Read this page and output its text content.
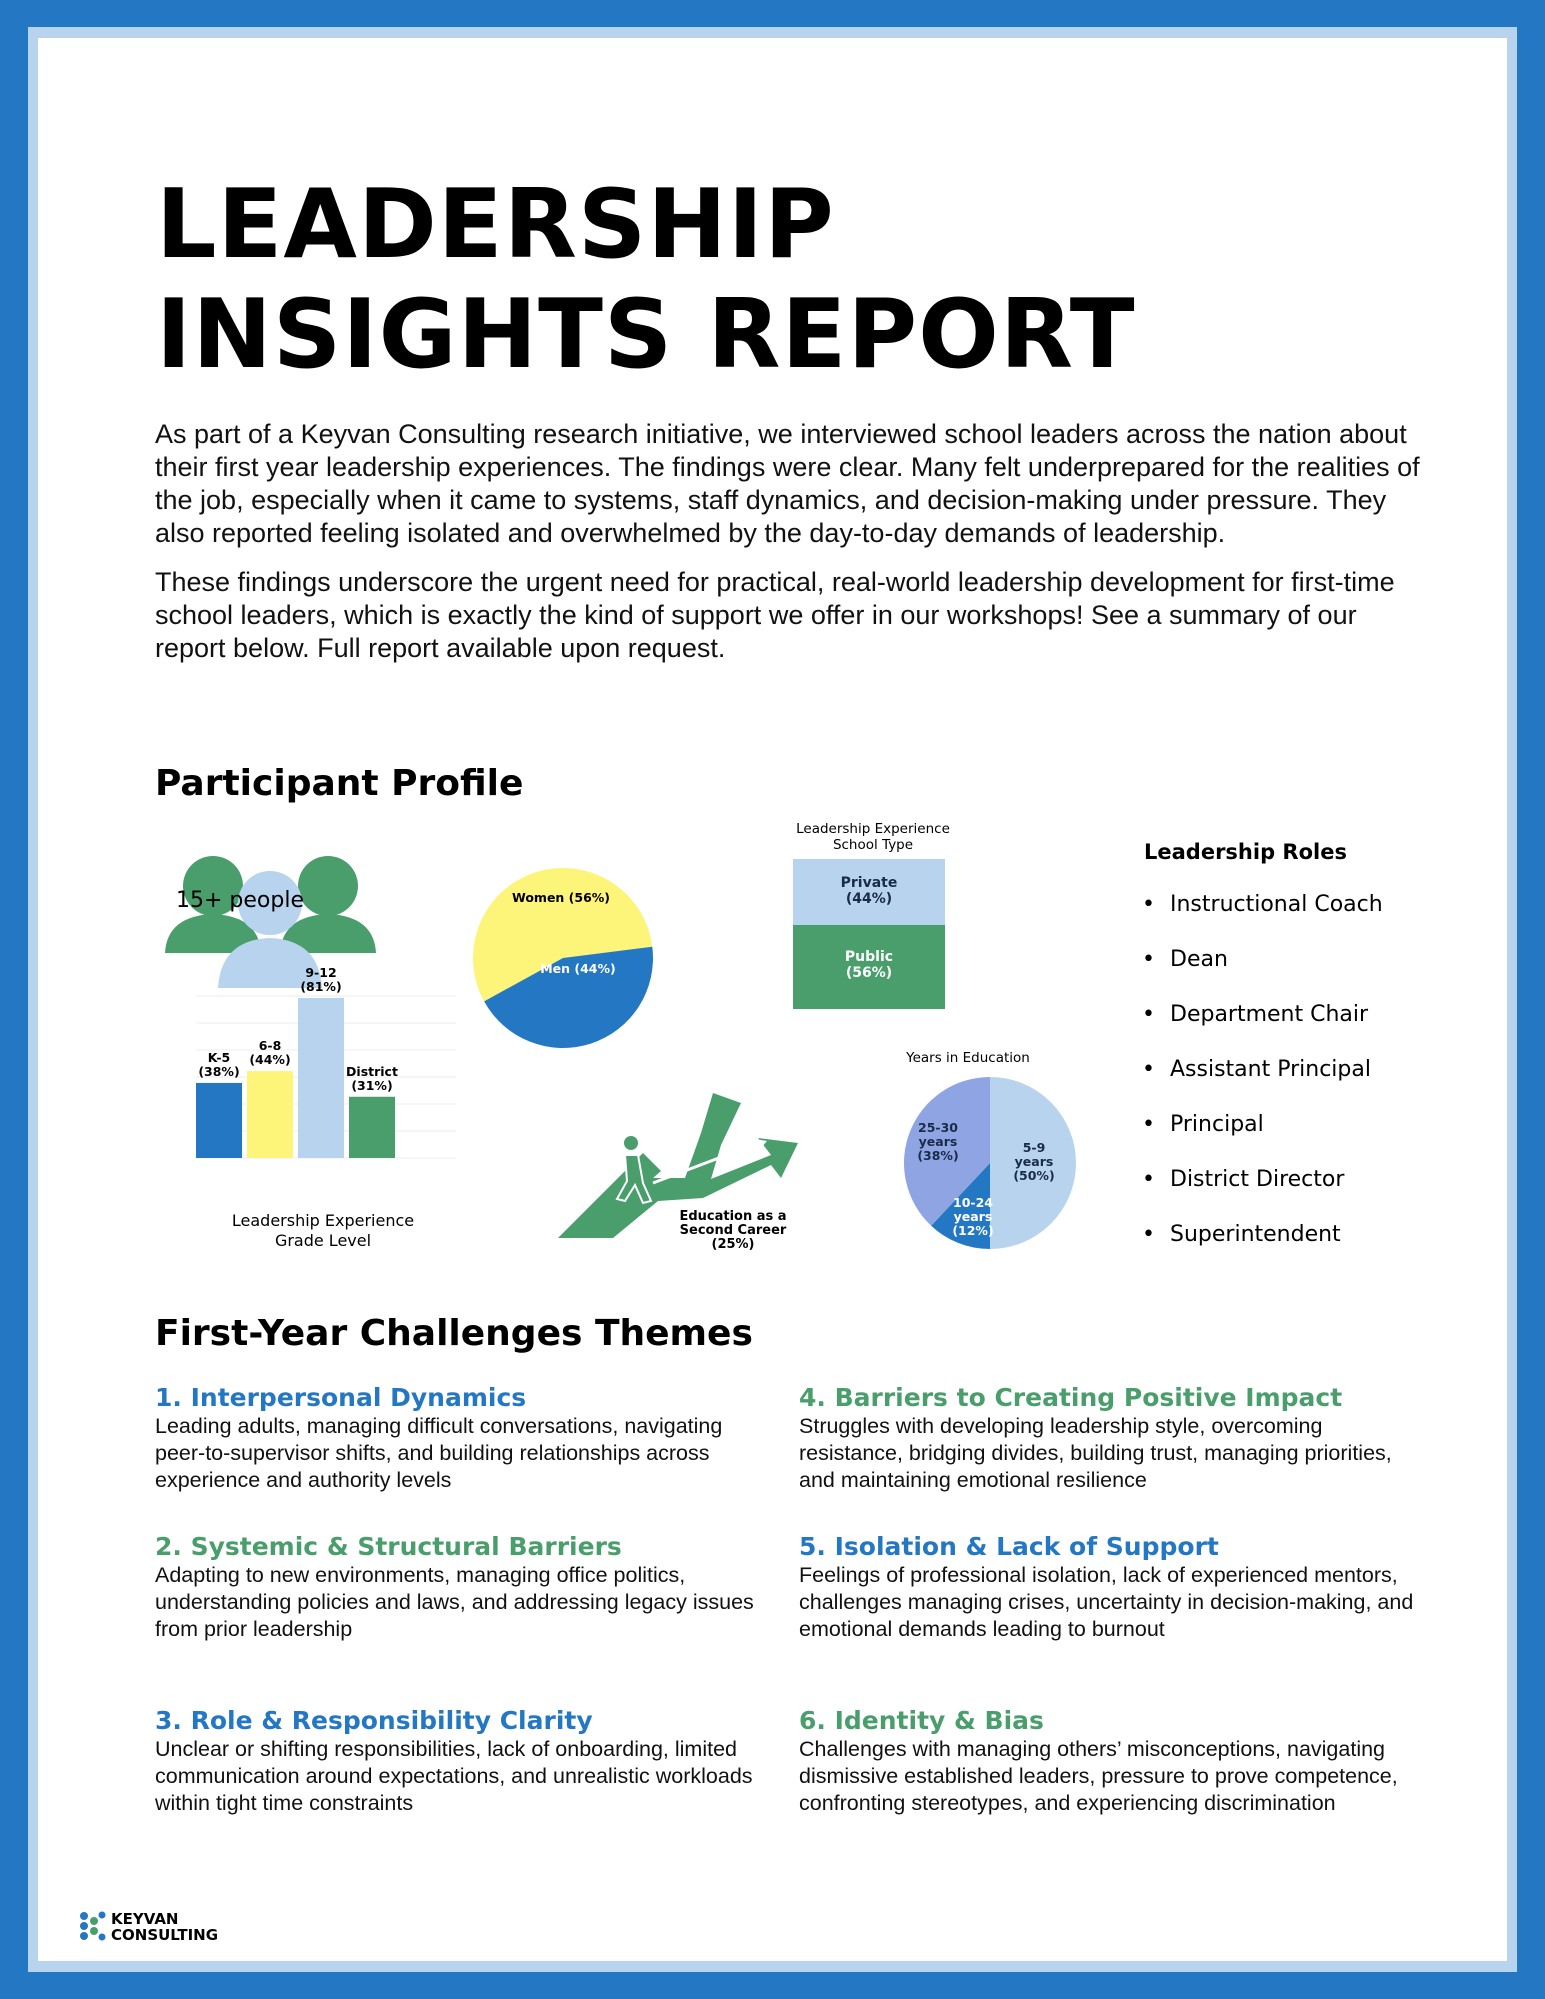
LEADERSHIP
INSIGHTS REPORT

As part of a Keyvan Consulting research initiative, we interviewed school leaders across the nation about their first year leadership experiences. The findings were clear. Many felt underprepared for the realities of the job, especially when it came to systems, staff dynamics, and decision-making under pressure. They also reported feeling isolated and overwhelmed by the day-to-day demands of leadership.

These findings underscore the urgent need for practical, real-world leadership development for first-time school leaders, which is exactly the kind of support we offer in our workshops! See a summary of our report below. Full report available upon request.

Participant Profile
15+ people	Women (56%)
Men (44%)
Leadership Experience
School Type
Private
(44%)
Public
(56%)
K-5
(38%)
6-8
(44%)
9-12
(81%)
District
(31%)
Leadership Experience
Grade Level
Education as a
Second Career
(25%)
Years in Education
5-9
years
(50%)
10-24
years
(12%)
25-30
years
(38%)
Leadership Roles
• Instructional Coach
• Dean
• Department Chair
• Assistant Principal
• Principal
• District Director
• Superintendent
First-Year Challenges Themes
1. Interpersonal Dynamics

Leading adults, managing difficult conversations, navigating peer-to-supervisor shifts, and building relationships across experience and authority levels

2. Systemic & Structural Barriers

Adapting to new environments, managing office politics, understanding policies and laws, and addressing legacy issues from prior leadership

3. Role & Responsibility Clarity

Unclear or shifting responsibilities, lack of onboarding, limited communication around expectations, and unrealistic workloads within tight time constraints

4. Barriers to Creating Positive Impact

Struggles with developing leadership style, overcoming resistance, bridging divides, building trust, managing priorities, and maintaining emotional resilience

5. Isolation & Lack of Support

Feelings of professional isolation, lack of experienced mentors, challenges managing crises, uncertainty in decision-making, and emotional demands leading to burnout

6. Identity & Bias

Challenges with managing others’ misconceptions, navigating dismissive established leaders, pressure to prove competence, confronting stereotypes, and experiencing discrimination

KEYVAN
CONSULTING
